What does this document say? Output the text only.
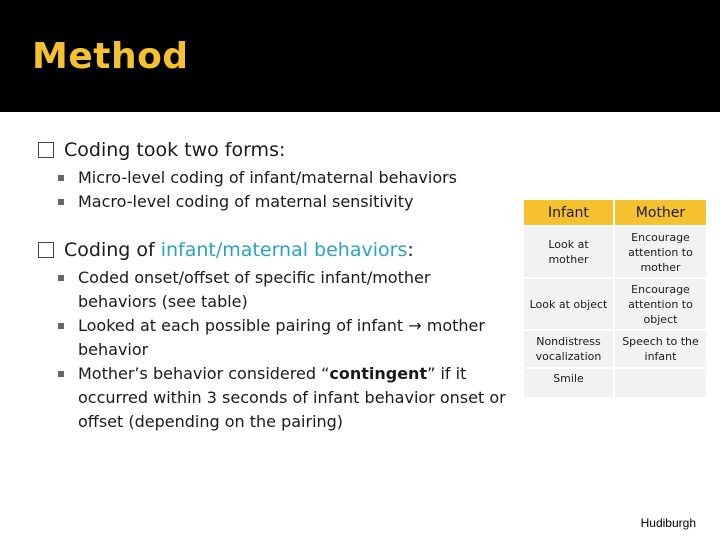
Method
Coding took two forms:
Micro-level coding of infant/maternal behaviors
Macro-level coding of maternal sensitivity
Coding of infant/maternal behaviors:
Coded onset/offset of specific infant/mother behaviors (see table)
Looked at each possible pairing of infant → mother behavior
Mother’s behavior considered “contingent” if it occurred within 3 seconds of infant behavior onset or offset (depending on the pairing)
Infant	Mother
Look at mother	Encourage attention to mother
Look at object	Encourage attention to object
Nondistress vocalization	Speech to the infant
Smile	
Hudiburgh
